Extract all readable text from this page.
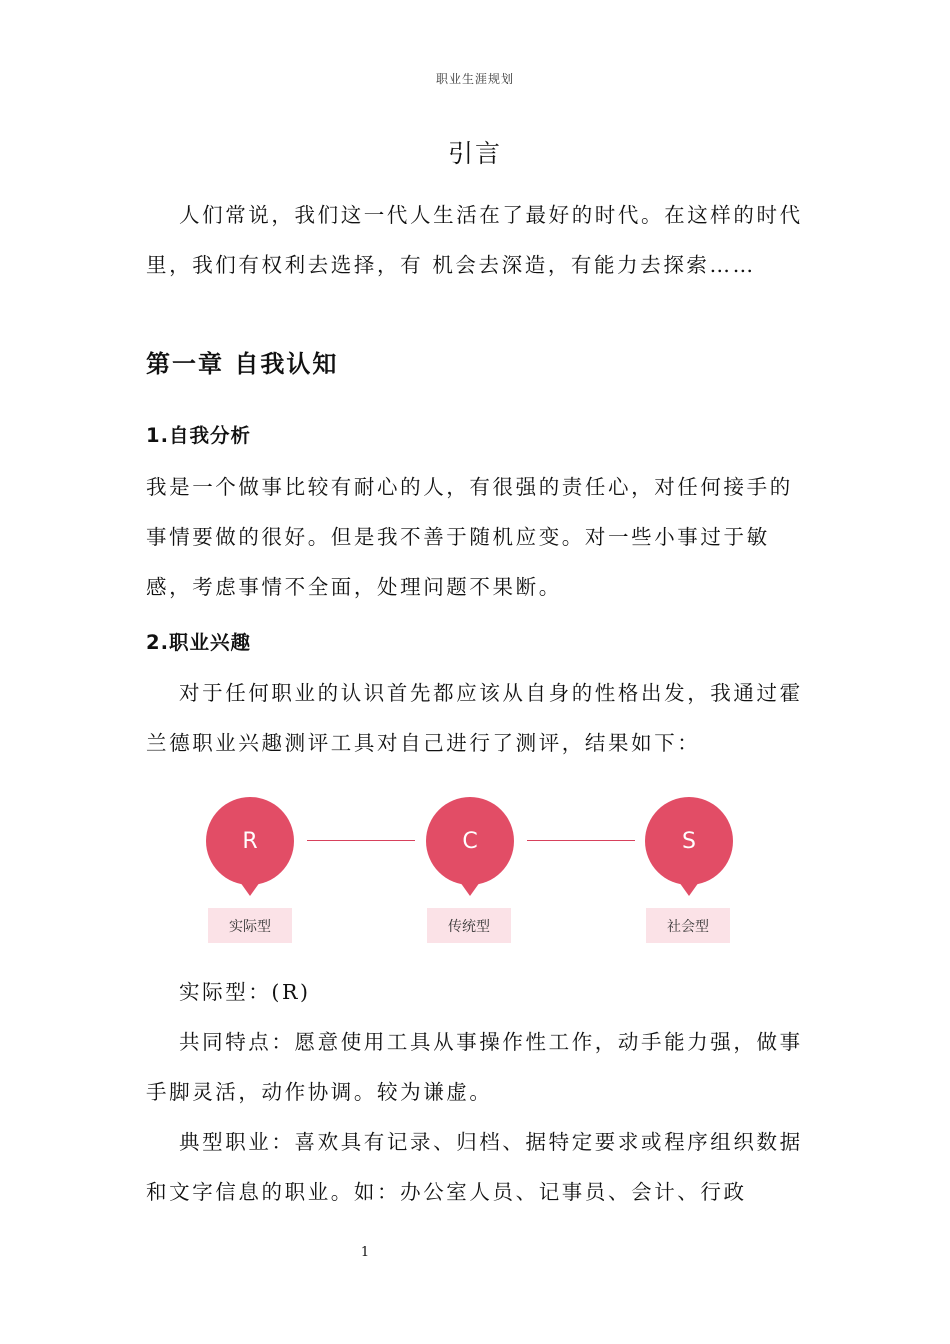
职业生涯规划
引言
人们常说，我们这一代人生活在了最好的时代。在这样的时代里，我们有权利去选择，有 机会去深造，有能力去探索……
第一章 自我认知
1.自我分析
我是一个做事比较有耐心的人，有很强的责任心，对任何接手的事情要做的很好。但是我不善于随机应变。对一些小事过于敏感，考虑事情不全面，处理问题不果断。
2.职业兴趣
对于任何职业的认识首先都应该从自身的性格出发，我通过霍兰德职业兴趣测评工具对自己进行了测评，结果如下：
R
实际型
C
传统型
S
社会型
实际型：(R)
共同特点：愿意使用工具从事操作性工作，动手能力强，做事手脚灵活，动作协调。较为谦虚。
典型职业：喜欢具有记录、归档、据特定要求或程序组织数据和文字信息的职业。如：办公室人员、记事员、会计、行政
1
